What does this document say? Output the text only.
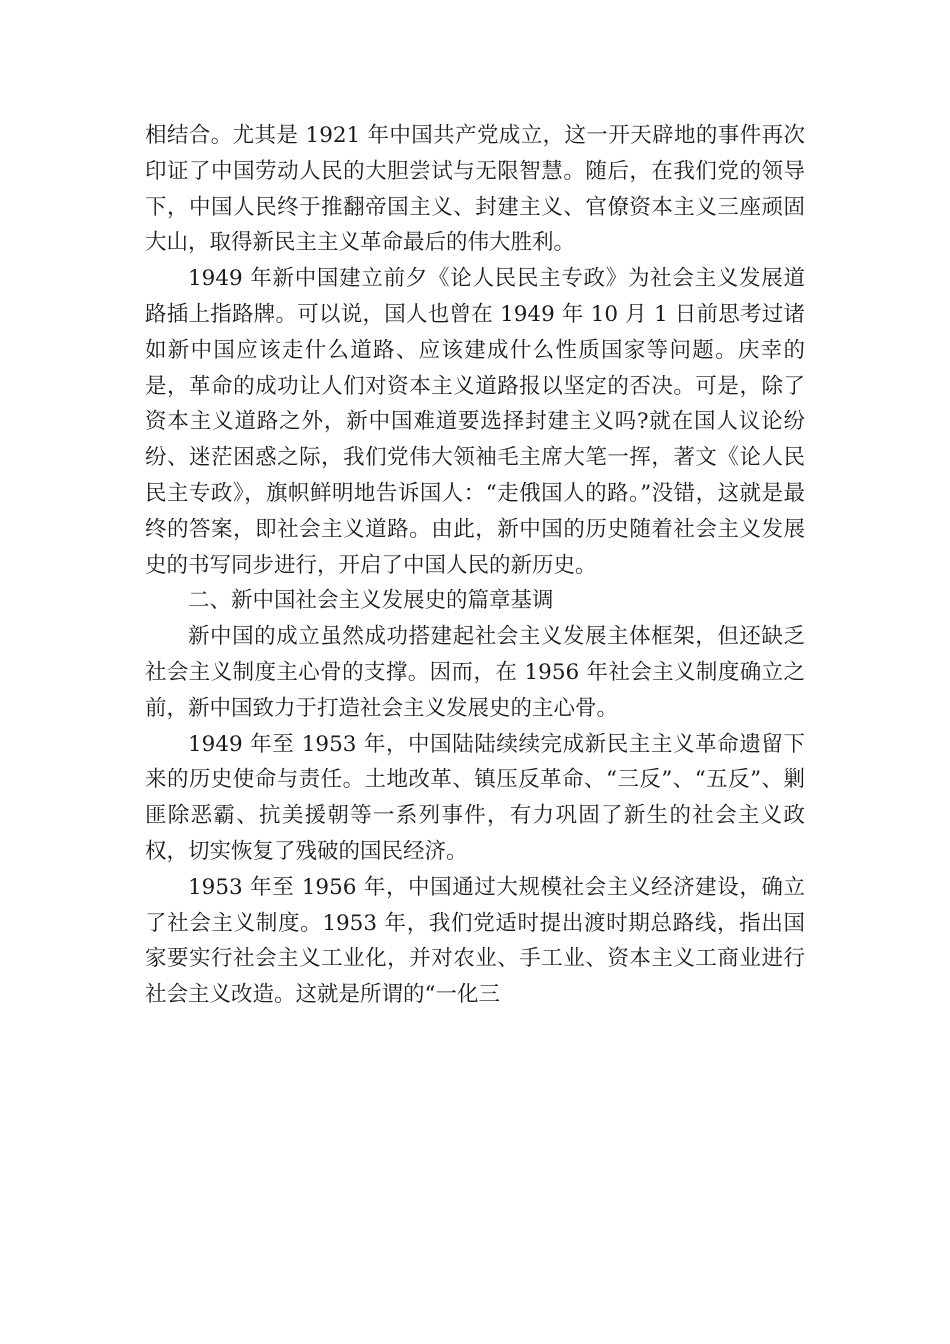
相结合。尤其是 1921 年中国共产党成立，这一开天辟地的事件再次印证了中国劳动人民的大胆尝试与无限智慧。随后，在我们党的领导下，中国人民终于推翻帝国主义、封建主义、官僚资本主义三座顽固大山，取得新民主主义革命最后的伟大胜利。

1949 年新中国建立前夕《论人民民主专政》为社会主义发展道路插上指路牌。可以说，国人也曾在 1949 年 10 月 1 日前思考过诸如新中国应该走什么道路、应该建成什么性质国家等问题。庆幸的是，革命的成功让人们对资本主义道路报以坚定的否决。可是，除了资本主义道路之外，新中国难道要选择封建主义吗?就在国人议论纷纷、迷茫困惑之际，我们党伟大领袖毛主席大笔一挥，著文《论人民民主专政》，旗帜鲜明地告诉国人：“走俄国人的路。”没错，这就是最终的答案，即社会主义道路。由此，新中国的历史随着社会主义发展史的书写同步进行，开启了中国人民的新历史。

二、新中国社会主义发展史的篇章基调

新中国的成立虽然成功搭建起社会主义发展主体框架，但还缺乏社会主义制度主心骨的支撑。因而，在 1956 年社会主义制度确立之前，新中国致力于打造社会主义发展史的主心骨。

1949 年至 1953 年，中国陆陆续续完成新民主主义革命遗留下来的历史使命与责任。土地改革、镇压反革命、“三反”、“五反”、剿匪除恶霸、抗美援朝等一系列事件，有力巩固了新生的社会主义政权，切实恢复了残破的国民经济。

1953 年至 1956 年，中国通过大规模社会主义经济建设，确立了社会主义制度。1953 年，我们党适时提出渡时期总路线，指出国家要实行社会主义工业化，并对农业、手工业、资本主义工商业进行社会主义改造。这就是所谓的“一化三
